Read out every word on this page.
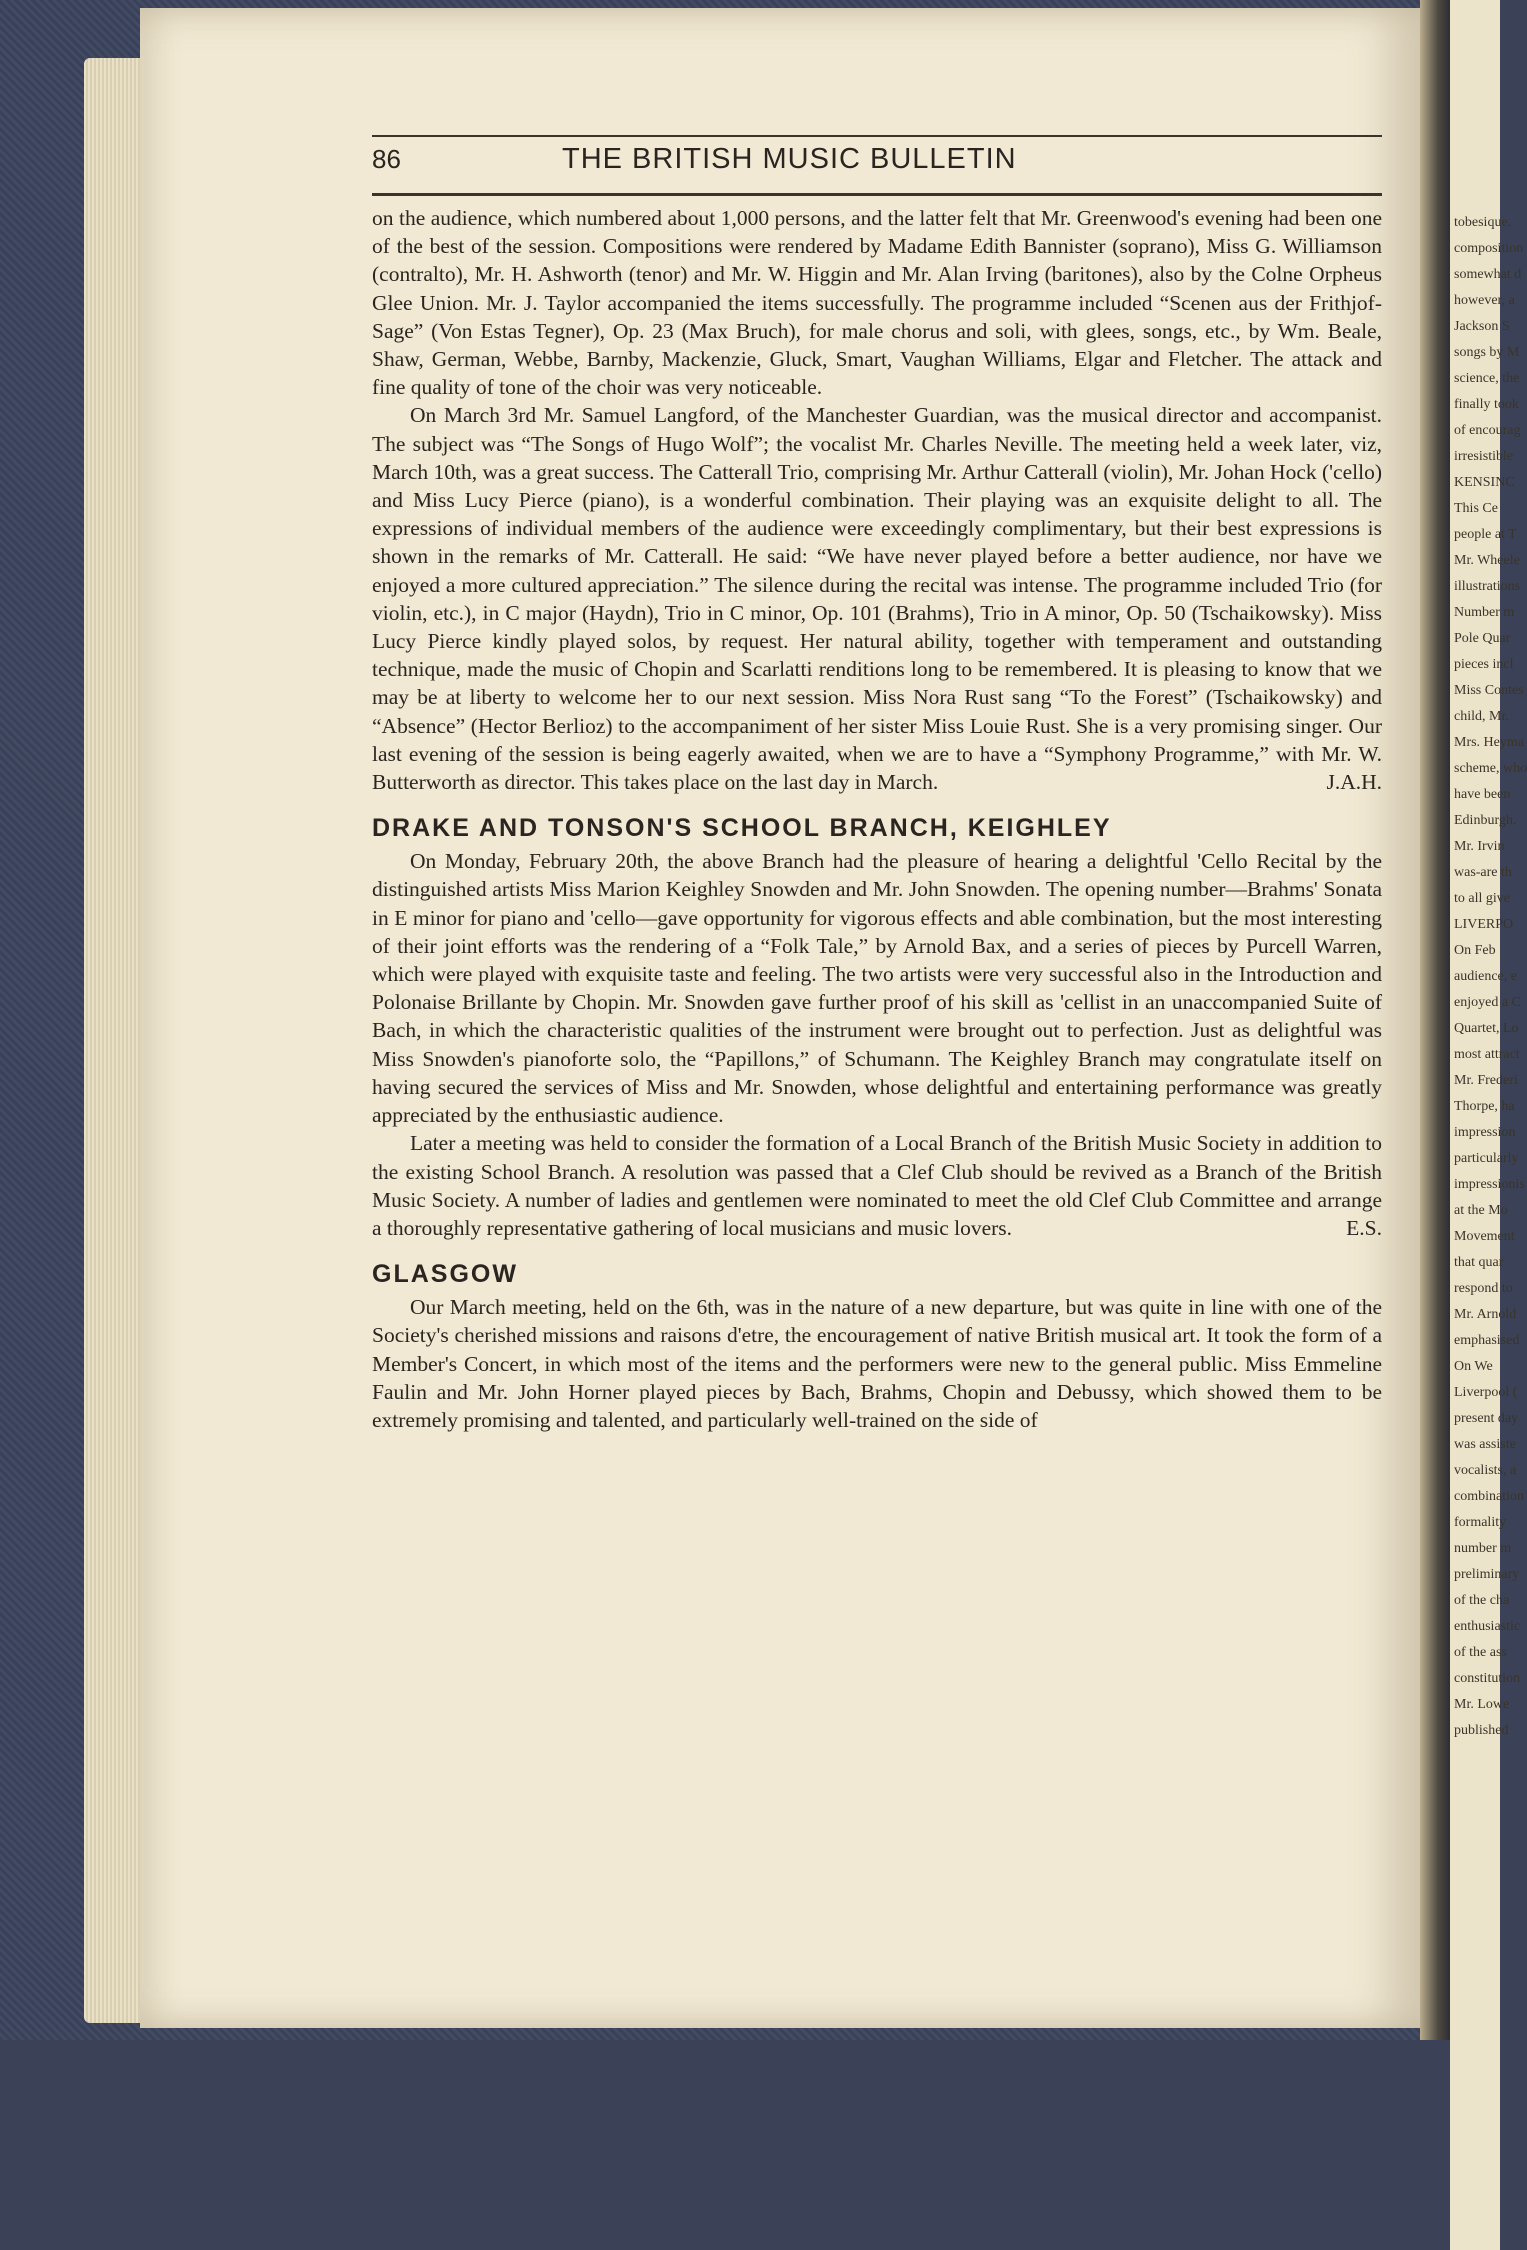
tobesique.
composition
somewhat d
however, a
Jackson S
songs by M
science, the
finally took
of encourag
irresistible
KENSINC
This Ce
people at T
Mr. Wheele
illustrations
Number m
Pole Quar
pieces incl
Miss Contes
child, Mr.
Mrs. Heyma
scheme, who
have been
Edinburgh.
Mr. Irvin
was-are th
to all give
LIVERPO
On Feb
audience, e
enjoyed a C
Quartet, Lo
most attract
Mr. Frederi
Thorpe, ha
impression
particularly
impressionis
at the Mo
Movement
that quar
respond to
Mr. Arnold
emphasised
On We
Liverpool (
present day
was assiste
vocalists, a
combination
formality
number m
preliminary
of the cha
enthusiastic
of the ass
constitution
Mr. Lowe
published
86	THE BRITISH MUSIC BULLETIN

on the audience, which numbered about 1,000 persons, and the latter felt that Mr. Greenwood's evening had been one of the best of the session. Compositions were rendered by Madame Edith Bannister (soprano), Miss G. Williamson (contralto), Mr. H. Ashworth (tenor) and Mr. W. Higgin and Mr. Alan Irving (baritones), also by the Colne Orpheus Glee Union. Mr. J. Taylor accompanied the items successfully. The programme included “Scenen aus der Frithjof-Sage” (Von Estas Tegner), Op. 23 (Max Bruch), for male chorus and soli, with glees, songs, etc., by Wm. Beale, Shaw, German, Webbe, Barnby, Mackenzie, Gluck, Smart, Vaughan Williams, Elgar and Fletcher. The attack and fine quality of tone of the choir was very noticeable.

On March 3rd Mr. Samuel Langford, of the Manchester Guardian, was the musical director and accompanist. The subject was “The Songs of Hugo Wolf”; the vocalist Mr. Charles Neville. The meeting held a week later, viz, March 10th, was a great success. The Catterall Trio, comprising Mr. Arthur Catterall (violin), Mr. Johan Hock ('cello) and Miss Lucy Pierce (piano), is a wonderful combination. Their playing was an exquisite delight to all. The expressions of individual members of the audience were exceedingly complimentary, but their best expressions is shown in the remarks of Mr. Catterall. He said: “We have never played before a better audience, nor have we enjoyed a more cultured appreciation.” The silence during the recital was intense. The programme included Trio (for violin, etc.), in C major (Haydn), Trio in C minor, Op. 101 (Brahms), Trio in A minor, Op. 50 (Tschaikowsky). Miss Lucy Pierce kindly played solos, by request. Her natural ability, together with temperament and outstanding technique, made the music of Chopin and Scarlatti renditions long to be remembered. It is pleasing to know that we may be at liberty to welcome her to our next session. Miss Nora Rust sang “To the Forest” (Tschaikowsky) and “Absence” (Hector Berlioz) to the accompaniment of her sister Miss Louie Rust. She is a very promising singer. Our last evening of the session is being eagerly awaited, when we are to have a “Symphony Programme,” with Mr. W. Butterworth as director. This takes place on the last day in March.	J.A.H.

DRAKE AND TONSON'S SCHOOL BRANCH, KEIGHLEY

On Monday, February 20th, the above Branch had the pleasure of hearing a delightful 'Cello Recital by the distinguished artists Miss Marion Keighley Snowden and Mr. John Snowden. The opening number—Brahms' Sonata in E minor for piano and 'cello—gave opportunity for vigorous effects and able combination, but the most interesting of their joint efforts was the rendering of a “Folk Tale,” by Arnold Bax, and a series of pieces by Purcell Warren, which were played with exquisite taste and feeling. The two artists were very successful also in the Introduction and Polonaise Brillante by Chopin. Mr. Snowden gave further proof of his skill as 'cellist in an unaccompanied Suite of Bach, in which the characteristic qualities of the instrument were brought out to perfection. Just as delightful was Miss Snowden's pianoforte solo, the “Papillons,” of Schumann. The Keighley Branch may congratulate itself on having secured the services of Miss and Mr. Snowden, whose delightful and entertaining performance was greatly appreciated by the enthusiastic audience.

Later a meeting was held to consider the formation of a Local Branch of the British Music Society in addition to the existing School Branch. A resolution was passed that a Clef Club should be revived as a Branch of the British Music Society. A number of ladies and gentlemen were nominated to meet the old Clef Club Committee and arrange a thoroughly representative gathering of local musicians and music lovers.	E.S.

GLASGOW

Our March meeting, held on the 6th, was in the nature of a new departure, but was quite in line with one of the Society's cherished missions and raisons d'etre, the encouragement of native British musical art. It took the form of a Member's Concert, in which most of the items and the performers were new to the general public. Miss Emmeline Faulin and Mr. John Horner played pieces by Bach, Brahms, Chopin and Debussy, which showed them to be extremely promising and talented, and particularly well-trained on the side of
